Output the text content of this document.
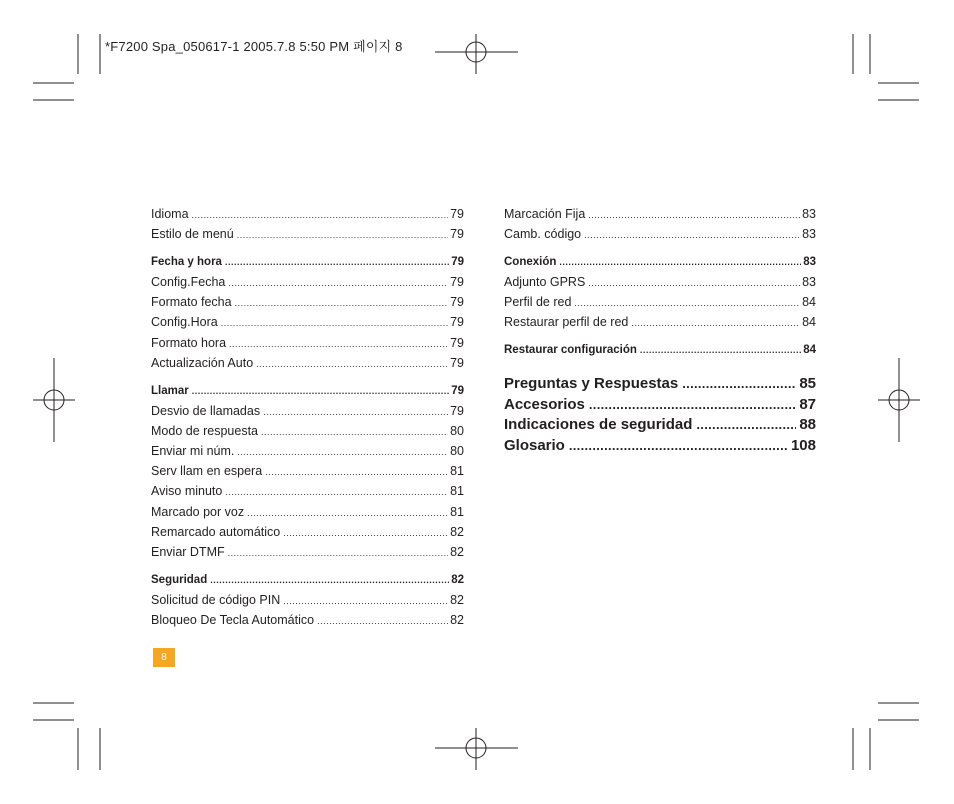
*F7200 Spa_050617-1 2005.7.8 5:50 PM 페이지 8
Idioma .....	79
Estilo de menú .....	79
Fecha y hora .....	79
Config.Fecha .....	79
Formato fecha .....	79
Config.Hora .....	79
Formato hora .....	79
Actualización Auto .....	79
Llamar .....	79
Desvio de llamadas .....	79
Modo de respuesta .....	80
Enviar mi núm. .....	80
Serv llam en espera .....	81
Aviso minuto .....	81
Marcado por voz .....	81
Remarcado automático .....	82
Enviar DTMF .....	82
Seguridad .....	82
Solicitud de código PIN .....	82
Bloqueo De Tecla Automático .....	82
Marcación Fija .....	83
Camb. código .....	83
Conexión .....	83
Adjunto GPRS .....	83
Perfil de red .....	84
Restaurar perfil de red .....	84
Restaurar configuración .....	84
Preguntas y Respuestas .....	85
Accesorios .....	87
Indicaciones de seguridad .....	88
Glosario .....	108
8
